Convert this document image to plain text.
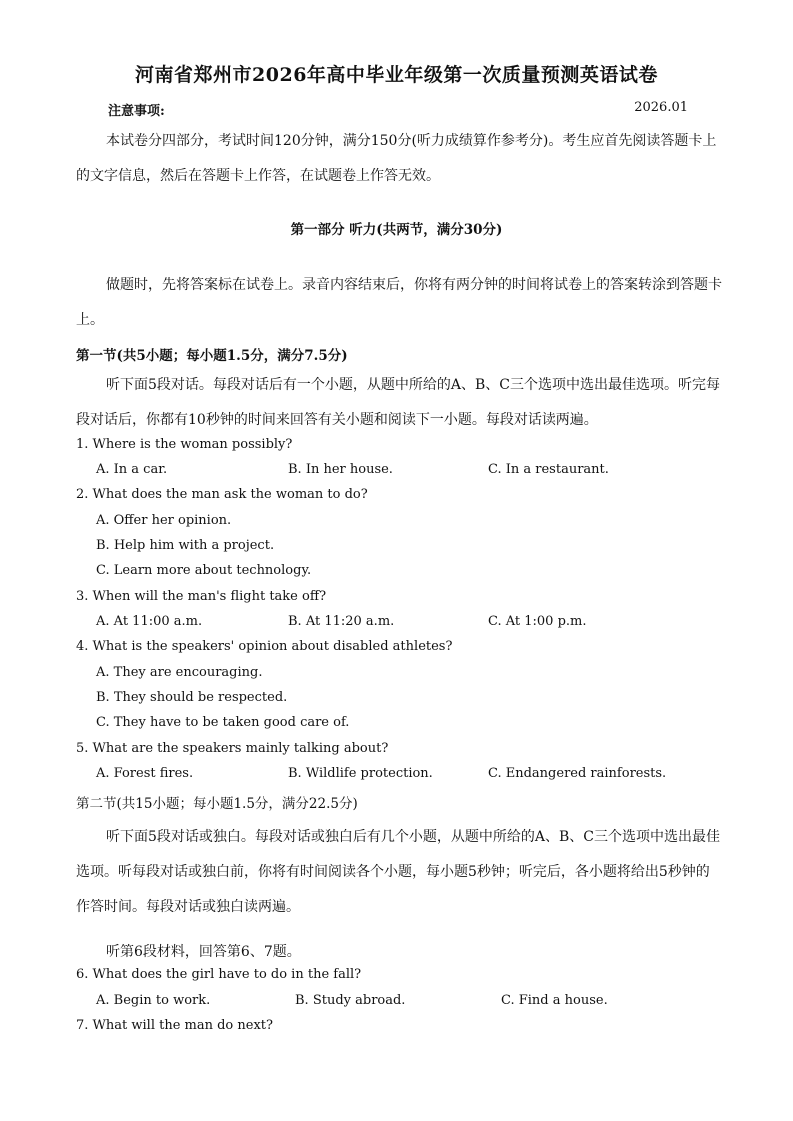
河南省郑州市2026年高中毕业年级第一次质量预测英语试卷
注意事项:	2026.01
本试卷分四部分，考试时间120分钟，满分150分(听力成绩算作参考分)。考生应首先阅读答题卡上的文字信息，然后在答题卡上作答，在试题卷上作答无效。
第一部分 听力(共两节，满分30分)
做题时，先将答案标在试卷上。录音内容结束后，你将有两分钟的时间将试卷上的答案转涂到答题卡上。
第一节(共5小题；每小题1.5分，满分7.5分)
听下面5段对话。每段对话后有一个小题，从题中所给的A、B、C三个选项中选出最佳选项。听完每段对话后，你都有10秒钟的时间来回答有关小题和阅读下一小题。每段对话读两遍。
1. Where is the woman possibly?
A. In a car.	B. In her house.	C. In a restaurant.
2. What does the man ask the woman to do?
A. Offer her opinion.
B. Help him with a project.
C. Learn more about technology.
3. When will the man's flight take off?
A. At 11:00 a.m.	B. At 11:20 a.m.	C. At 1:00 p.m.
4. What is the speakers' opinion about disabled athletes?
A. They are encouraging.
B. They should be respected.
C. They have to be taken good care of.
5. What are the speakers mainly talking about?
A. Forest fires.	B. Wildlife protection.	C. Endangered rainforests.
第二节(共15小题；每小题1.5分，满分22.5分)
听下面5段对话或独白。每段对话或独白后有几个小题，从题中所给的A、B、C三个选项中选出最佳选项。听每段对话或独白前，你将有时间阅读各个小题，每小题5秒钟；听完后，各小题将给出5秒钟的作答时间。每段对话或独白读两遍。
听第6段材料，回答第6、7题。
6. What does the girl have to do in the fall?
A. Begin to work.	B. Study abroad.	C. Find a house.
7. What will the man do next?
